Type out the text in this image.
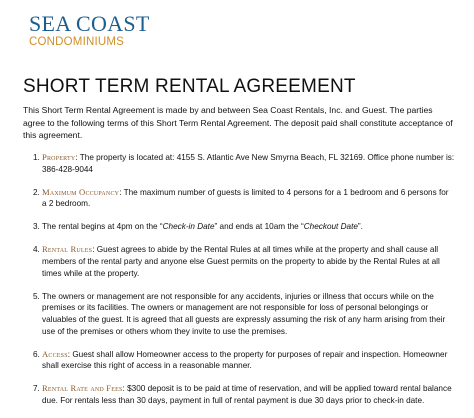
SEA COAST
CONDOMINIUMS
SHORT TERM RENTAL AGREEMENT

This Short Term Rental Agreement is made by and between Sea Coast Rentals, Inc. and Guest. The parties agree to the following terms of this Short Term Rental Agreement. The deposit paid shall constitute acceptance of this agreement.

1. Property: The property is located at: 4155 S. Atlantic Ave New Smyrna Beach, FL 32169. Office phone number is: 386-428-9044
2. Maximum Occupancy: The maximum number of guests is limited to 4 persons for a 1 bedroom and 6 persons for a 2 bedroom.
3. The rental begins at 4pm on the “Check-in Date” and ends at 10am the “Checkout Date”.
4. Rental Rules: Guest agrees to abide by the Rental Rules at all times while at the property and shall cause all members of the rental party and anyone else Guest permits on the property to abide by the Rental Rules at all times while at the property.
5. The owners or management are not responsible for any accidents, injuries or illness that occurs while on the premises or its facilities. The owners or management are not responsible for loss of personal belongings or valuables of the guest. It is agreed that all guests are expressly assuming the risk of any harm arising from their use of the premises or others whom they invite to use the premises.
6. Access: Guest shall allow Homeowner access to the property for purposes of repair and inspection. Homeowner shall exercise this right of access in a reasonable manner.
7. Rental Rate and Fees: $300 deposit is to be paid at time of reservation, and will be applied toward rental balance due. For rentals less than 30 days, payment in full of rental payment is due 30 days prior to check-in date.
